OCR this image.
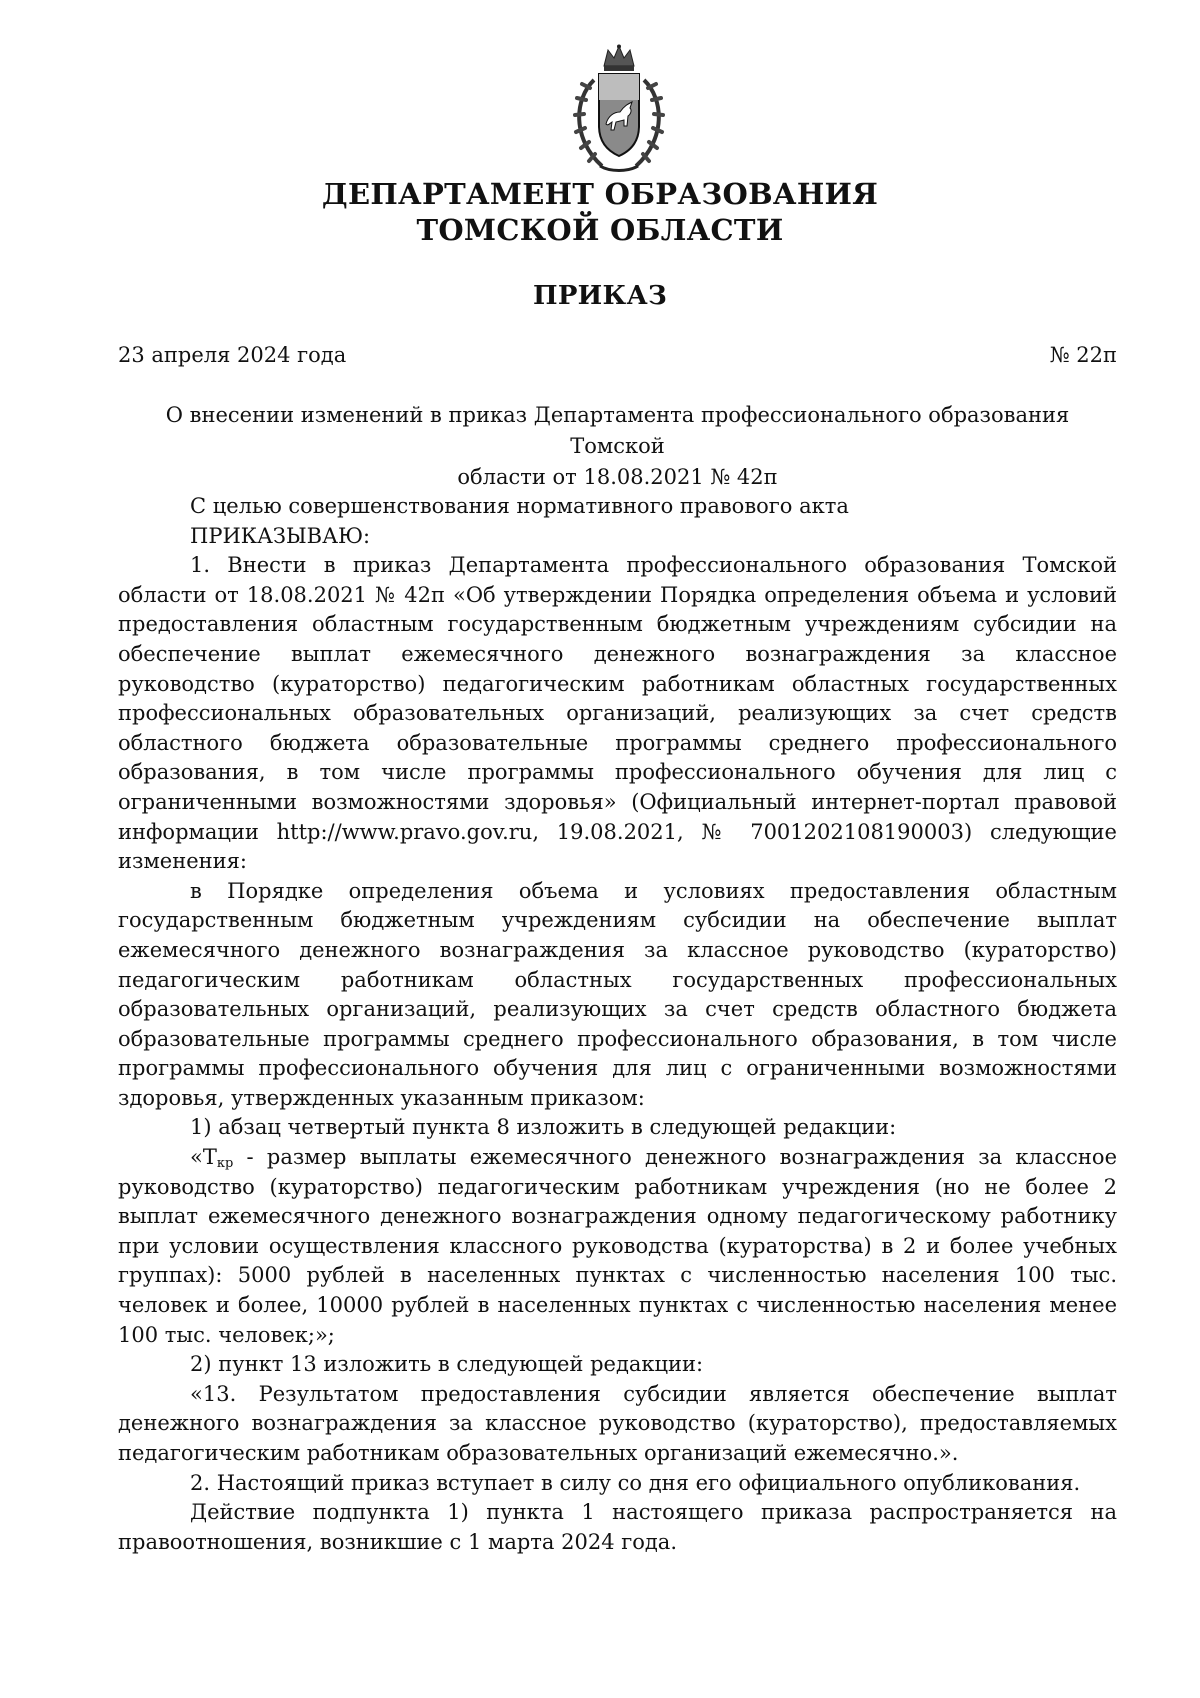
ДЕПАРТАМЕНТ ОБРАЗОВАНИЯ
ТОМСКОЙ ОБЛАСТИ
ПРИКАЗ
23 апреля 2024 года	№ 22п
О внесении изменений в приказ Департамента профессионального образования Томской
области от 18.08.2021 № 42п

С целью совершенствования нормативного правового акта

ПРИКАЗЫВАЮ:

1. Внести в приказ Департамента профессионального образования Томской области от 18.08.2021 № 42п «Об утверждении Порядка определения объема и условий предоставления областным государственным бюджетным учреждениям субсидии на обеспечение выплат ежемесячного денежного вознаграждения за классное руководство (кураторство) педагогическим работникам областных государственных профессиональных образовательных организаций, реализующих за счет средств областного бюджета образовательные программы среднего профессионального образования, в том числе программы профессионального обучения для лиц с ограниченными возможностями здоровья» (Официальный интернет-портал правовой информации http://www.pravo.gov.ru, 19.08.2021, № 7001202108190003) следующие изменения:

в Порядке определения объема и условиях предоставления областным государственным бюджетным учреждениям субсидии на обеспечение выплат ежемесячного денежного вознаграждения за классное руководство (кураторство) педагогическим работникам областных государственных профессиональных образовательных организаций, реализующих за счет средств областного бюджета образовательные программы среднего профессионального образования, в том числе программы профессионального обучения для лиц с ограниченными возможностями здоровья, утвержденных указанным приказом:

1) абзац четвертый пункта 8 изложить в следующей редакции:

«$Т_{кр}$ - размер выплаты ежемесячного денежного вознаграждения за классное руководство (кураторство) педагогическим работникам учреждения (но не более 2 выплат ежемесячного денежного вознаграждения одному педагогическому работнику при условии осуществления классного руководства (кураторства) в 2 и более учебных группах): 5000 рублей в населенных пунктах с численностью населения 100 тыс. человек и более, 10000 рублей в населенных пунктах с численностью населения менее 100 тыс. человек;»;

2) пункт 13 изложить в следующей редакции:

«13. Результатом предоставления субсидии является обеспечение выплат денежного вознаграждения за классное руководство (кураторство), предоставляемых педагогическим работникам образовательных организаций ежемесячно.».

2. Настоящий приказ вступает в силу со дня его официального опубликования.

Действие подпункта 1) пункта 1 настоящего приказа распространяется на правоотношения, возникшие с 1 марта 2024 года.
